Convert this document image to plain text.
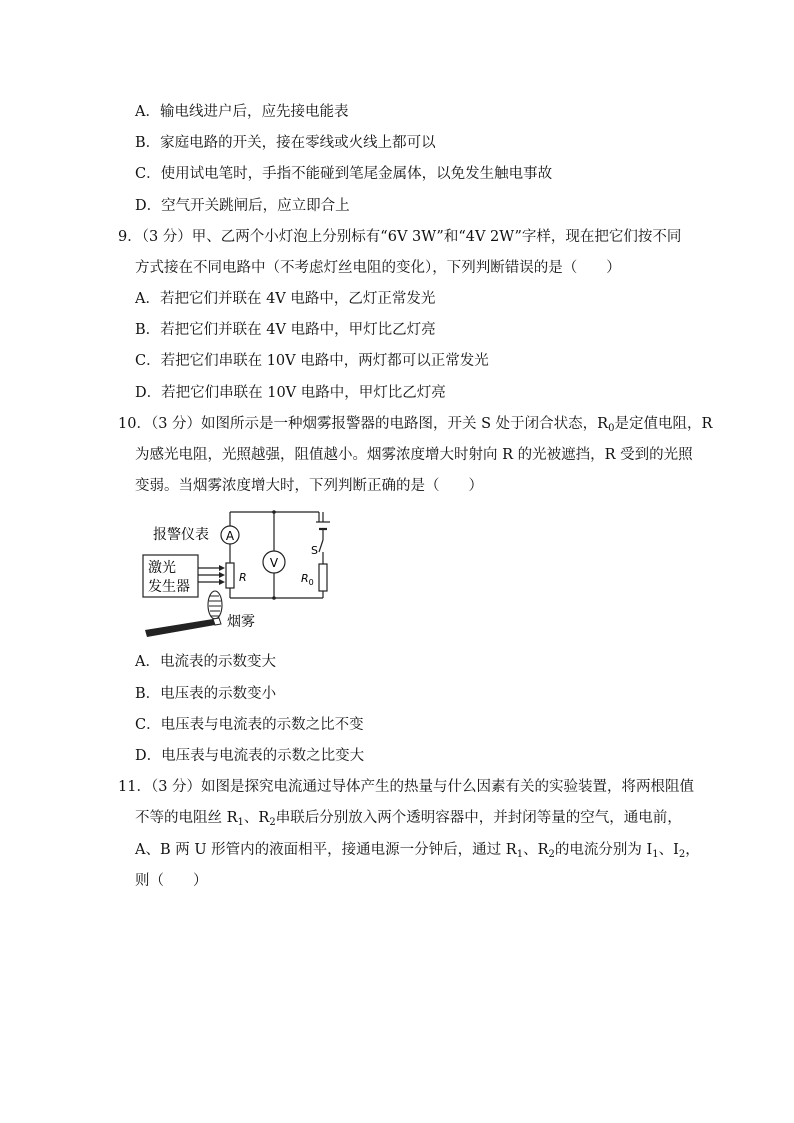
A．输电线进户后，应先接电能表
B．家庭电路的开关，接在零线或火线上都可以
C．使用试电笔时，手指不能碰到笔尾金属体，以免发生触电事故
D．空气开关跳闸后，应立即合上
9．（3 分）甲、乙两个小灯泡上分别标有“6V 3W”和“4V 2W”字样，现在把它们按不同
方式接在不同电路中（不考虑灯丝电阻的变化），下列判断错误的是（　　）
A．若把它们并联在 4V 电路中，乙灯正常发光
B．若把它们并联在 4V 电路中，甲灯比乙灯亮
C．若把它们串联在 10V 电路中，两灯都可以正常发光
D．若把它们串联在 10V 电路中，甲灯比乙灯亮
10．（3 分）如图所示是一种烟雾报警器的电路图，开关 S 处于闭合状态，$R_0$是定值电阻，R
为感光电阻，光照越强，阻值越小。烟雾浓度增大时射向 R 的光被遮挡，R 受到的光照
变弱。当烟雾浓度增大时，下列判断正确的是（　　）
A
V
R	$R_0$
S
报警仪表
激光
发生器
烟雾
A．电流表的示数变大
B．电压表的示数变小
C．电压表与电流表的示数之比不变
D．电压表与电流表的示数之比变大
11．（3 分）如图是探究电流通过导体产生的热量与什么因素有关的实验装置，将两根阻值
不等的电阻丝 $R_1$、$R_2$串联后分别放入两个透明容器中，并封闭等量的空气，通电前，
A、B 两 U 形管内的液面相平，接通电源一分钟后，通过 $R_1$、$R_2$的电流分别为 $I_1$、$I_2$，
则（　　）
